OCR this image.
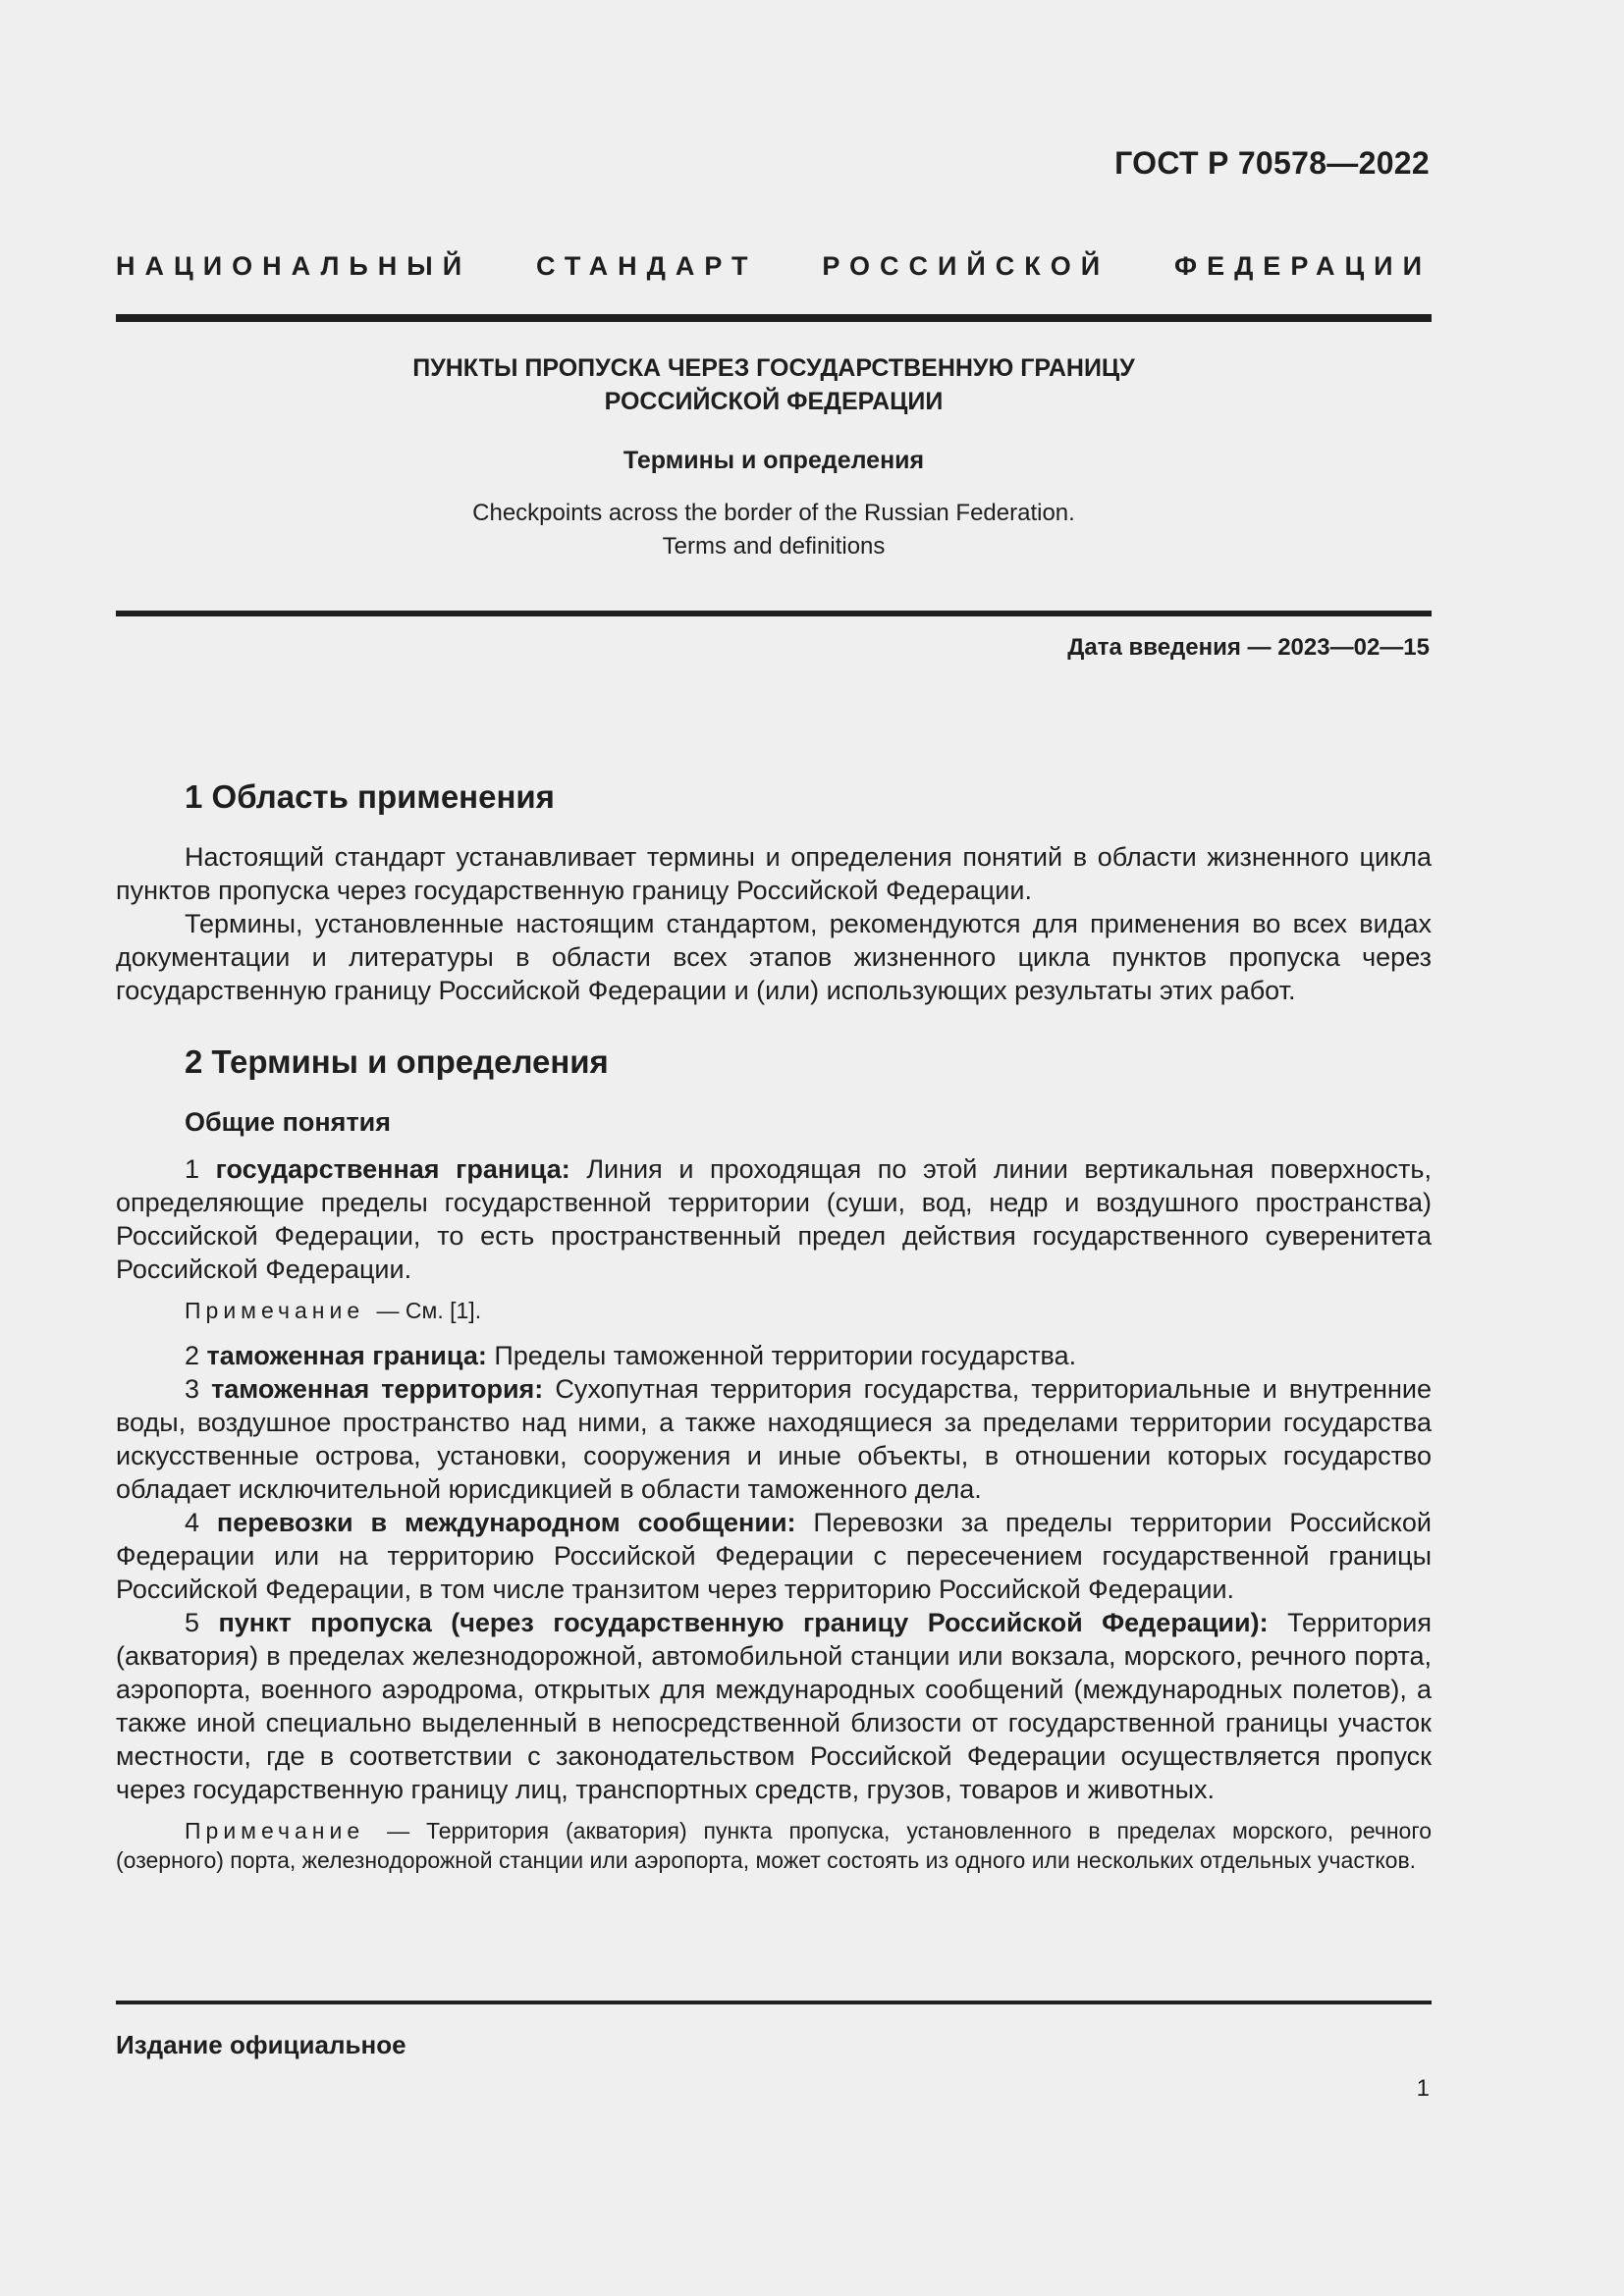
ГОСТ Р 70578—2022
НАЦИОНАЛЬНЫЙ СТАНДАРТ РОССИЙСКОЙ ФЕДЕРАЦИИ
ПУНКТЫ ПРОПУСКА ЧЕРЕЗ ГОСУДАРСТВЕННУЮ ГРАНИЦУ
РОССИЙСКОЙ ФЕДЕРАЦИИ
Термины и определения
Checkpoints across the border of the Russian Federation.
Terms and definitions
Дата введения — 2023—02—15
1 Область применения

Настоящий стандарт устанавливает термины и определения понятий в области жизненного цикла пунктов пропуска через государственную границу Российской Федерации.

Термины, установленные настоящим стандартом, рекомендуются для применения во всех видах документации и литературы в области всех этапов жизненного цикла пунктов пропуска через государственную границу Российской Федерации и (или) использующих результаты этих работ.

2 Термины и определения
Общие понятия

1 государственная граница: Линия и проходящая по этой линии вертикальная поверхность, определяющие пределы государственной территории (суши, вод, недр и воздушного пространства) Российской Федерации, то есть пространственный предел действия государственного суверенитета Российской Федерации.

Примечание — См. [1].

2 таможенная граница: Пределы таможенной территории государства.

3 таможенная территория: Сухопутная территория государства, территориальные и внутренние воды, воздушное пространство над ними, а также находящиеся за пределами территории государства искусственные острова, установки, сооружения и иные объекты, в отношении которых государство обладает исключительной юрисдикцией в области таможенного дела.

4 перевозки в международном сообщении: Перевозки за пределы территории Российской Федерации или на территорию Российской Федерации с пересечением государственной границы Российской Федерации, в том числе транзитом через территорию Российской Федерации.

5 пункт пропуска (через государственную границу Российской Федерации): Территория (акватория) в пределах железнодорожной, автомобильной станции или вокзала, морского, речного порта, аэропорта, военного аэродрома, открытых для международных сообщений (международных полетов), а также иной специально выделенный в непосредственной близости от государственной границы участок местности, где в соответствии с законодательством Российской Федерации осуществляется пропуск через государственную границу лиц, транспортных средств, грузов, товаров и животных.

Примечание — Территория (акватория) пункта пропуска, установленного в пределах морского, речного (озерного) порта, железнодорожной станции или аэропорта, может состоять из одного или нескольких отдельных участков.
Издание официальное
1
